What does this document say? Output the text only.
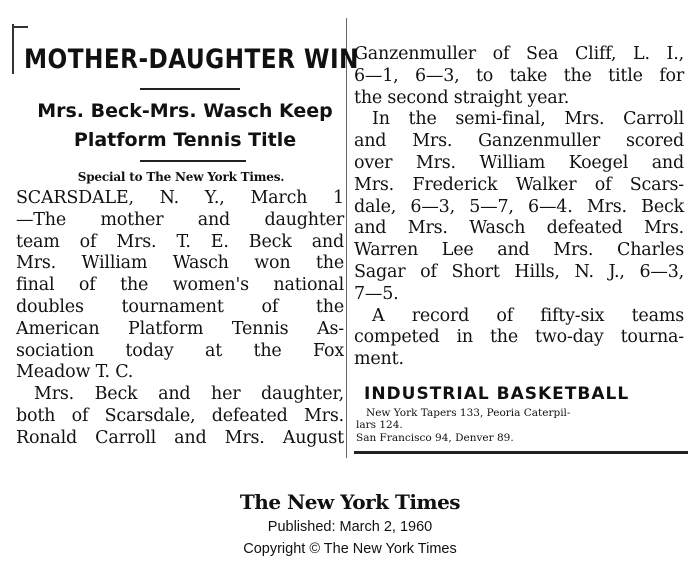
MOTHER-DAUGHTER WIN
Mrs. Beck-Mrs. Wasch Keep
Platform Tennis Title
Special to The New York Times.
SCARSDALE, N. Y., March 1
—The mother and daughter
team of Mrs. T. E. Beck and
Mrs. William Wasch won the
final of the women's national
doubles tournament of the
American Platform Tennis As-
sociation today at the Fox
Meadow T. C.
Mrs. Beck and her daughter,
both of Scarsdale, defeated Mrs.
Ronald Carroll and Mrs. August
Ganzenmuller of Sea Cliff, L. I.,
6—1, 6—3, to take the title for
the second straight year.
In the semi-final, Mrs. Carroll
and Mrs. Ganzenmuller scored
over Mrs. William Koegel and
Mrs. Frederick Walker of Scars-
dale, 6—3, 5—7, 6—4. Mrs. Beck
and Mrs. Wasch defeated Mrs.
Warren Lee and Mrs. Charles
Sagar of Short Hills, N. J., 6—3,
7—5.
A record of fifty-six teams
competed in the two-day tourna-
ment.
INDUSTRIAL BASKETBALL
New York Tapers 133, Peoria Caterpil-
lars 124.
San Francisco 94, Denver 89.
The New York Times
Published: March 2, 1960
Copyright © The New York Times
